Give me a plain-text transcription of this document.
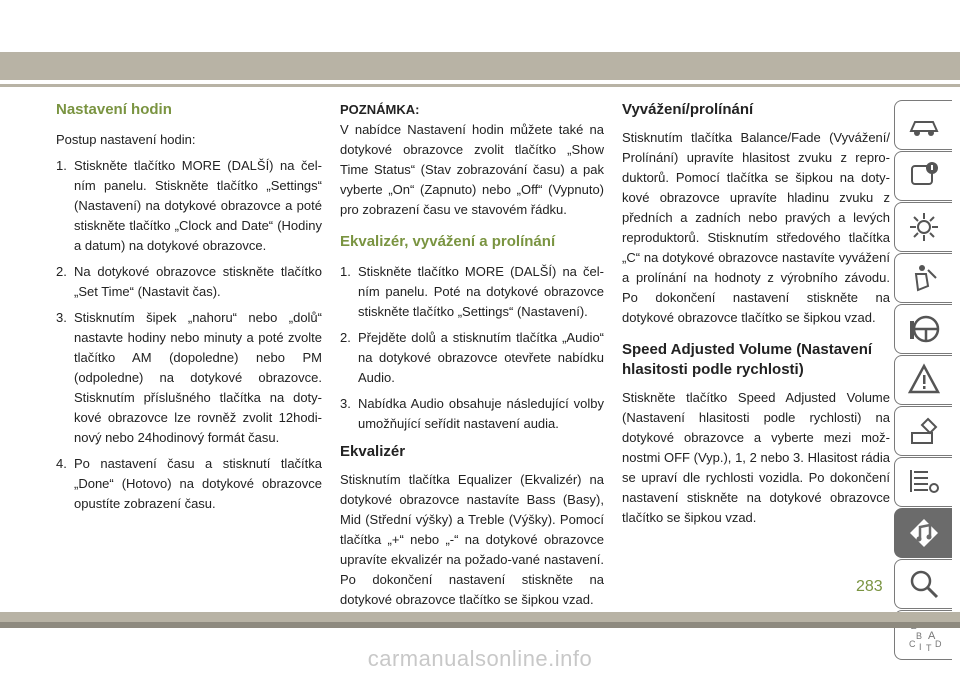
Nastavení hodin

Postup nastavení hodin:

1. Stiskněte tlačítko MORE (DALŠÍ) na čel-ním panelu. Stiskněte tlačítko „Settings“ (Nastavení) na dotykové obrazovce a poté stiskněte tlačítko „Clock and Date“ (Hodiny a datum) na dotykové obrazovce.
2. Na dotykové obrazovce stiskněte tlačítko „Set Time“ (Nastavit čas).
3. Stisknutím šipek „nahoru“ nebo „dolů“ nastavte hodiny nebo minuty a poté zvolte tlačítko AM (dopoledne) nebo PM (odpoledne) na dotykové obrazovce. Stisknutím příslušného tlačítka na doty-kové obrazovce lze rovněž zvolit 12hodi-nový nebo 24hodinový formát času.
4. Po nastavení času a stisknutí tlačítka „Done“ (Hotovo) na dotykové obrazovce opustíte zobrazení času.
POZNÁMKA:

V nabídce Nastavení hodin můžete také na dotykové obrazovce zvolit tlačítko „Show Time Status“ (Stav zobrazování času) a pak vyberte „On“ (Zapnuto) nebo „Off“ (Vypnuto) pro zobrazení času ve stavovém řádku.

Ekvalizér, vyvážení a prolínání
1. Stiskněte tlačítko MORE (DALŠÍ) na čel-ním panelu. Poté na dotykové obrazovce stiskněte tlačítko „Settings“ (Nastavení).
2. Přejděte dolů a stisknutím tlačítka „Audio“ na dotykové obrazovce otevřete nabídku Audio.
3. Nabídka Audio obsahuje následující volby umožňující seřídit nastavení audia.
Ekvalizér

Stisknutím tlačítka Equalizer (Ekvalizér) na dotykové obrazovce nastavíte Bass (Basy), Mid (Střední výšky) a Treble (Výšky). Pomocí tlačítka „+“ nebo „-“ na dotykové obrazovce upravíte ekvalizér na požado-vané nastavení. Po dokončení nastavení stiskněte na dotykové obrazovce tlačítko se šipkou vzad.

Vyvážení/prolínání

Stisknutím tlačítka Balance/Fade (Vyvážení/ Prolínání) upravíte hlasitost zvuku z repro-duktorů. Pomocí tlačítka se šipkou na doty-kové obrazovce upravíte hladinu zvuku z předních a zadních nebo pravých a levých reproduktorů. Stisknutím středového tlačítka „C“ na dotykové obrazovce nastavíte vyvážení a prolínání na hodnoty z výrobního závodu. Po dokončení nastavení stiskněte na dotykové obrazovce tlačítko se šipkou vzad.

Speed Adjusted Volume (Nastavení hlasitosti podle rychlosti)

Stiskněte tlačítko Speed Adjusted Volume (Nastavení hlasitosti podle rychlosti) na dotykové obrazovce a vyberte mezi mož-nostmi OFF (Vyp.), 1, 2 nebo 3. Hlasitost rádia se upraví dle rychlosti vozidla. Po dokončení nastavení stiskněte na dotykové obrazovce tlačítko se šipkou vzad.

B A
C D
I T
283
carmanualsonline.info
